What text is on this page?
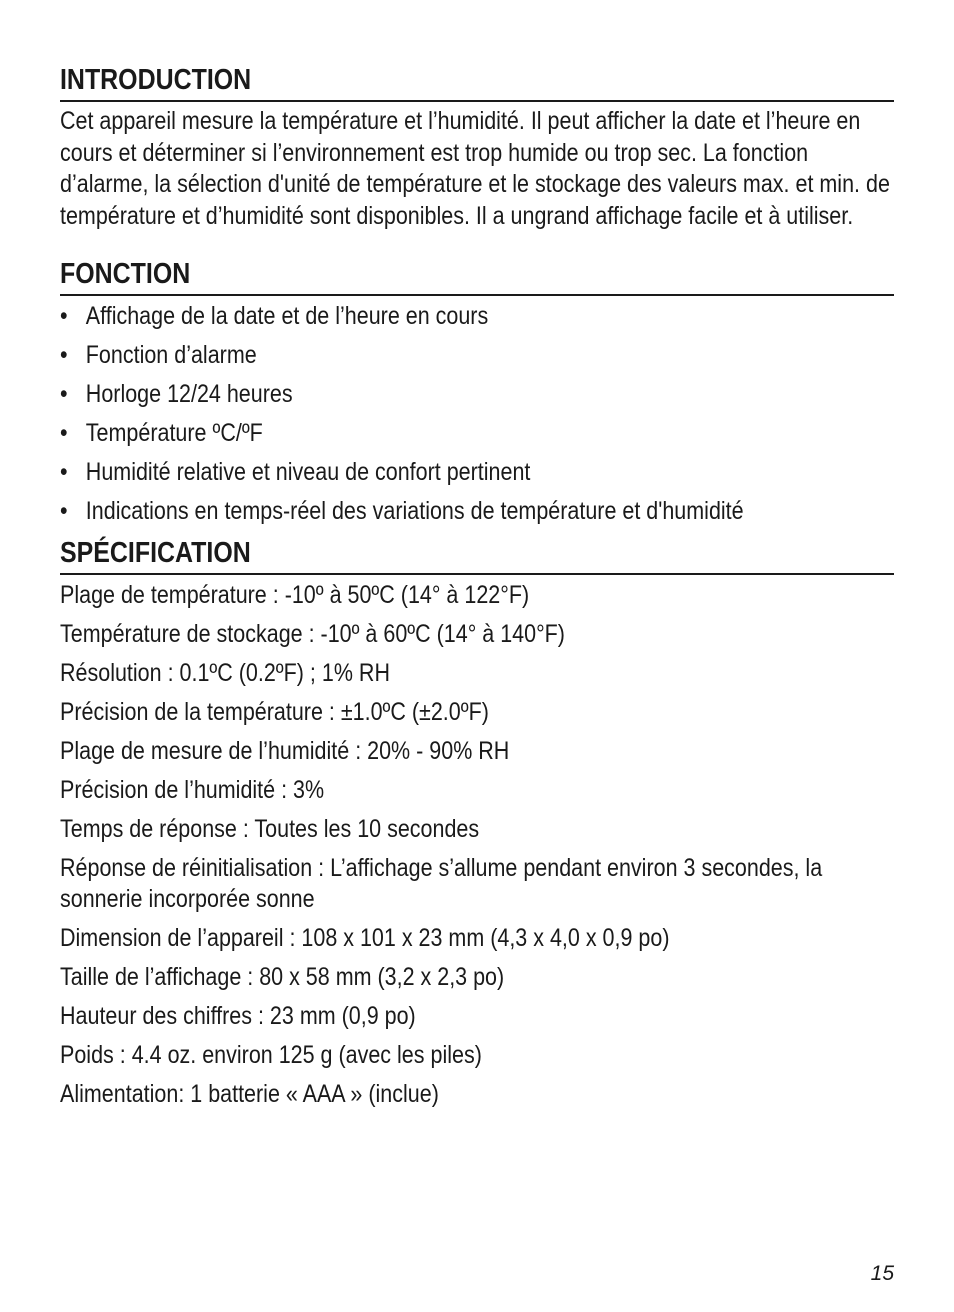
INTRODUCTION

Cet appareil mesure la température et l’humidité. Il peut afficher la date et l’heure en cours et déterminer si l’environnement est trop humide ou trop sec. La fonction d’alarme, la sélection d'unité de température et le stockage des valeurs max. et min. de température et d’humidité sont disponibles. Il a ungrand affichage facile et à utiliser.

FONCTION
• Affichage de la date et de l’heure en cours
• Fonction d’alarme
• Horloge 12/24 heures
• Température ºC/ºF
• Humidité relative et niveau de confort pertinent
• Indications en temps-réel des variations de température et d'humidité
SPÉCIFICATION
Plage de température : -10º à 50ºC (14° à 122°F)
Température de stockage : -10º à 60ºC (14° à 140°F)
Résolution : 0.1ºC (0.2ºF) ; 1% RH
Précision de la température : ±1.0ºC (±2.0ºF)
Plage de mesure de l’humidité : 20% - 90% RH
Précision de l’humidité : 3%
Temps de réponse : Toutes les 10 secondes
Réponse de réinitialisation : L’affichage s’allume pendant environ 3 secondes, la sonnerie incorporée sonne
Dimension de l’appareil : 108 x 101 x 23 mm (4,3 x 4,0 x 0,9 po)
Taille de l’affichage : 80 x 58 mm (3,2 x 2,3 po)
Hauteur des chiffres : 23 mm (0,9 po)
Poids : 4.4 oz. environ 125 g (avec les piles)
Alimentation: 1 batterie « AAA » (inclue)
15
